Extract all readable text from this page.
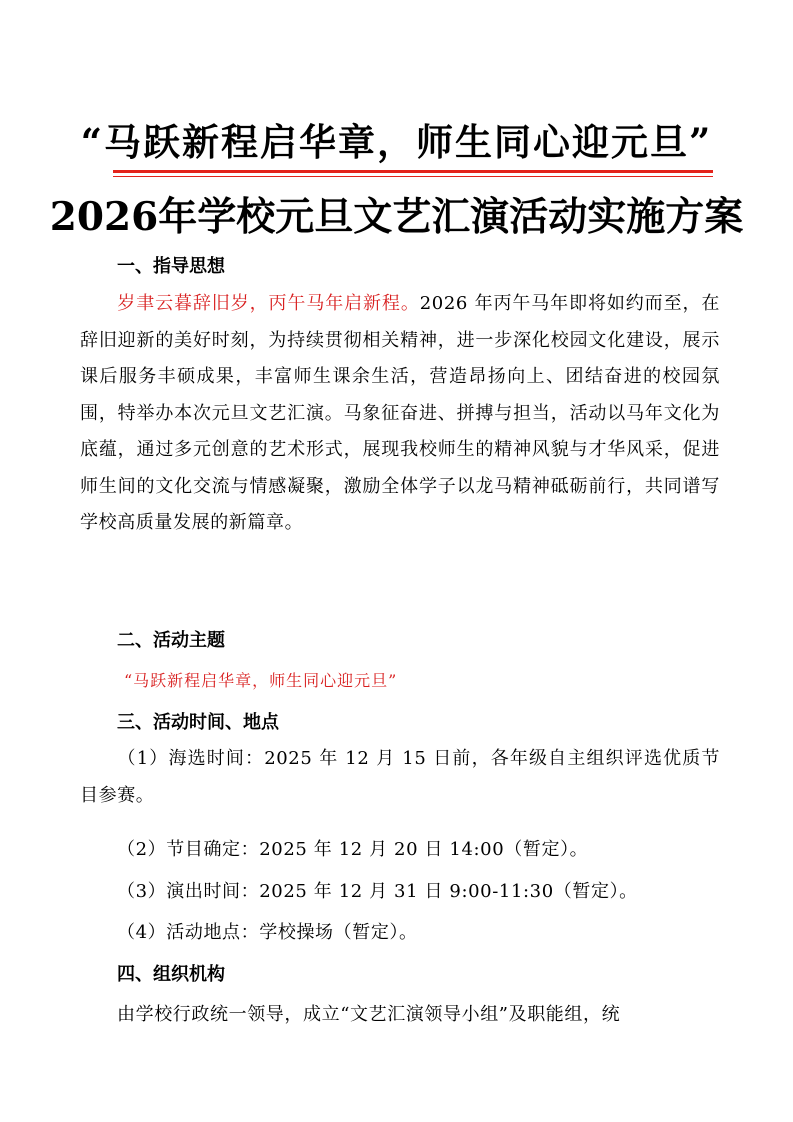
“马跃新程启华章，师生同心迎元旦”
2026年学校元旦文艺汇演活动实施方案
一、指导思想
岁聿云暮辞旧岁，丙午马年启新程。2026 年丙午马年即将如约而至，在辞旧迎新的美好时刻，为持续贯彻相关精神，进一步深化校园文化建设，展示课后服务丰硕成果，丰富师生课余生活，营造昂扬向上、团结奋进的校园氛围，特举办本次元旦文艺汇演。马象征奋进、拼搏与担当，活动以马年文化为底蕴，通过多元创意的艺术形式，展现我校师生的精神风貌与才华风采，促进师生间的文化交流与情感凝聚，激励全体学子以龙马精神砥砺前行，共同谱写学校高质量发展的新篇章。
二、活动主题
“马跃新程启华章，师生同心迎元旦”
三、活动时间、地点
（1）海选时间：2025 年 12 月 15 日前，各年级自主组织评选优质节目参赛。
（2）节目确定：2025 年 12 月 20 日 14:00（暂定）。
（3）演出时间：2025 年 12 月 31 日 9:00-11:30（暂定）。
（4）活动地点：学校操场（暂定）。
四、组织机构
由学校行政统一领导，成立“文艺汇演领导小组”及职能组，统
